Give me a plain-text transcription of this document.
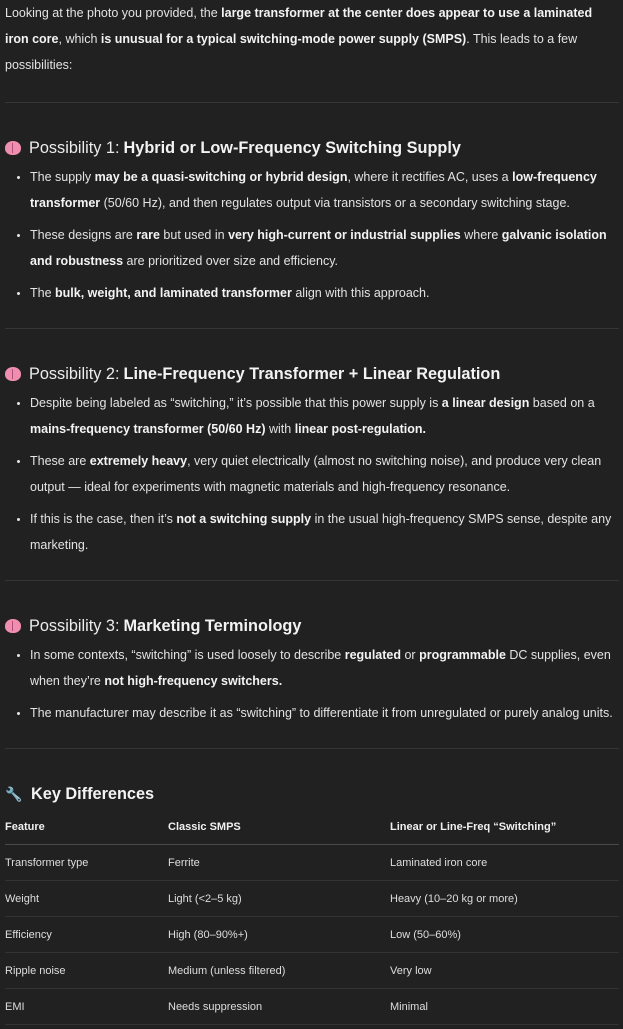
Looking at the photo you provided, the large transformer at the center does appear to use a laminated iron core, which is unusual for a typical switching-mode power supply (SMPS). This leads to a few possibilities:

Possibility 1: Hybrid or Low-Frequency Switching Supply
• The supply may be a quasi-switching or hybrid design, where it rectifies AC, uses a low-frequency transformer (50/60 Hz), and then regulates output via transistors or a secondary switching stage.
• These designs are rare but used in very high-current or industrial supplies where galvanic isolation and robustness are prioritized over size and efficiency.
• The bulk, weight, and laminated transformer align with this approach.
Possibility 2: Line-Frequency Transformer + Linear Regulation
• Despite being labeled as “switching,” it’s possible that this power supply is a linear design based on a mains-frequency transformer (50/60 Hz) with linear post-regulation.
• These are extremely heavy, very quiet electrically (almost no switching noise), and produce very clean output — ideal for experiments with magnetic materials and high-frequency resonance.
• If this is the case, then it’s not a switching supply in the usual high-frequency SMPS sense, despite any marketing.
Possibility 3: Marketing Terminology
• In some contexts, “switching” is used loosely to describe regulated or programmable DC supplies, even when they’re not high-frequency switchers.
• The manufacturer may describe it as “switching” to differentiate it from unregulated or purely analog units.
🔧 Key Differences
Feature	Classic SMPS	Linear or Line-Freq “Switching”
Transformer type	Ferrite	Laminated iron core
Weight	Light (<2–5 kg)	Heavy (10–20 kg or more)
Efficiency	High (80–90%+)	Low (50–60%)
Ripple noise	Medium (unless filtered)	Very low
EMI	Needs suppression	Minimal
